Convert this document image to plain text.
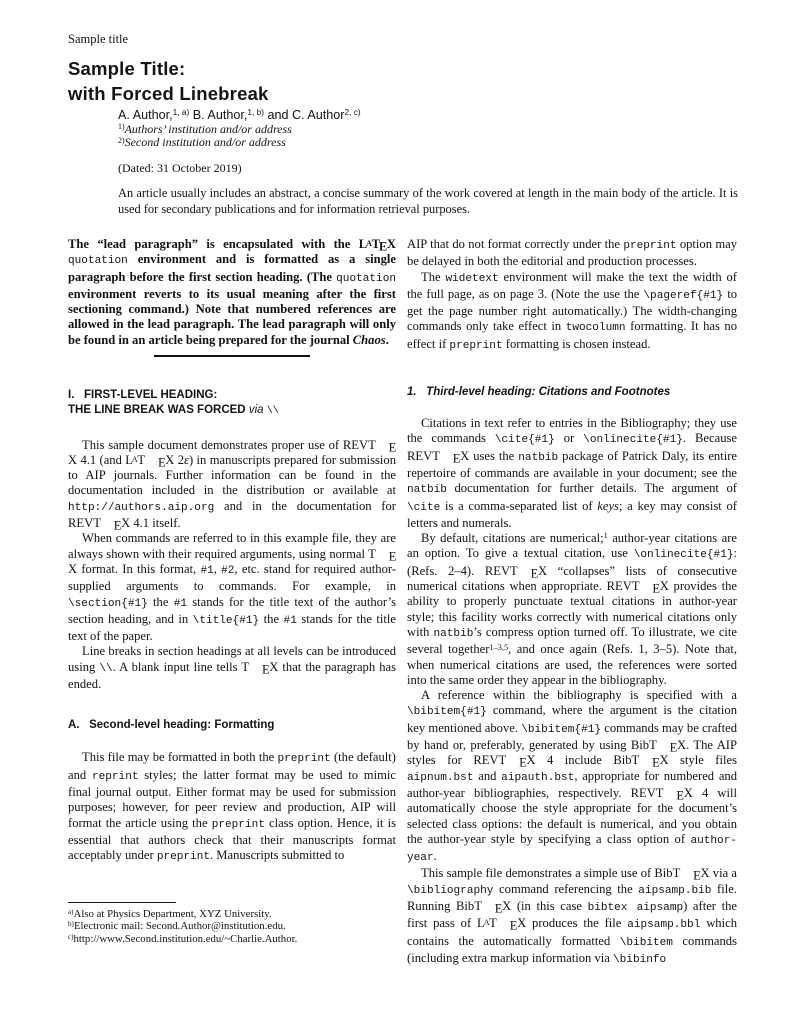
Sample title
Sample Title:
with Forced Linebreak
A. Author,$^{1, a)}$ B. Author,$^{1, b)}$ and C. Author$^{2, c)}$
$^{1)}$Authors’ institution and/or address
$^{2)}$Second institution and/or address
(Dated: 31 October 2019)
An article usually includes an abstract, a concise summary of the work covered at length in the main body of the article. It is used for secondary publications and for information retrieval purposes.

The “lead paragraph” is encapsulated with the LATEX quotation environment and is formatted as a single paragraph before the first section heading. (The quotation environment reverts to its usual meaning after the first sectioning command.) Note that numbered references are allowed in the lead paragraph. The lead paragraph will only be found in an article being prepared for the journal Chaos.

I.   FIRST-LEVEL HEADING:
THE LINE BREAK WAS FORCED via \\

This sample document demonstrates proper use of REVT EX 4.1 (and LAT EX 2ε) in manuscripts prepared for submission to AIP journals. Further information can be found in the documentation included in the distribution or available at http://authors.aip.org and in the documentation for REVT EX 4.1 itself.

When commands are referred to in this example file, they are always shown with their required arguments, using normal T EX format. In this format, #1, #2, etc. stand for required author-supplied arguments to commands. For example, in \section{#1} the #1 stands for the title text of the author’s section heading, and in \title{#1} the #1 stands for the title text of the paper.

Line breaks in section headings at all levels can be introduced using \\. A blank input line tells T EX that the paragraph has ended.

A.   Second-level heading: Formatting

This file may be formatted in both the preprint (the default) and reprint styles; the latter format may be used to mimic final journal output. Either format may be used for submission purposes; however, for peer review and production, AIP will format the article using the preprint class option. Hence, it is essential that authors check that their manuscripts format acceptably under preprint. Manuscripts submitted to

$^{a)}$Also at Physics Department, XYZ University.
$^{b)}$Electronic mail: Second.Author@institution.edu.
$^{c)}$http://www.Second.institution.edu/~Charlie.Author.

AIP that do not format correctly under the preprint option may be delayed in both the editorial and production processes.

The widetext environment will make the text the width of the full page, as on page 3. (Note the use the \pageref{#1} to get the page number right automatically.) The width-changing commands only take effect in twocolumn formatting. It has no effect if preprint formatting is chosen instead.

1.   Third-level heading: Citations and Footnotes

Citations in text refer to entries in the Bibliography; they use the commands \cite{#1} or \onlinecite{#1}. Because REVT EX uses the natbib package of Patrick Daly, its entire repertoire of commands are available in your document; see the natbib documentation for further details. The argument of \cite is a comma-separated list of keys; a key may consist of letters and numerals.

By default, citations are numerical;$^1$ author-year citations are an option. To give a textual citation, use \onlinecite{#1}: (Refs. 2–4). REVT EX “collapses” lists of consecutive numerical citations when appropriate. REVT EX provides the ability to properly punctuate textual citations in author-year style; this facility works correctly with numerical citations only with natbib’s compress option turned off. To illustrate, we cite several together$^{1-3,5}$, and once again (Refs. 1, 3–5). Note that, when numerical citations are used, the references were sorted into the same order they appear in the bibliography.

A reference within the bibliography is specified with a \bibitem{#1} command, where the argument is the citation key mentioned above. \bibitem{#1} commands may be crafted by hand or, preferably, generated by using BibT EX. The AIP styles for REVT EX 4 include BibT EX style files aipnum.bst and aipauth.bst, appropriate for numbered and author-year bibliographies, respectively. REVT EX 4 will automatically choose the style appropriate for the document’s selected class options: the default is numerical, and you obtain the author-year style by specifying a class option of author-year.

This sample file demonstrates a simple use of BibT EX via a \bibliography command referencing the aipsamp.bib file. Running BibT EX (in this case bibtex aipsamp) after the first pass of LAT EX produces the file aipsamp.bbl which contains the automatically formatted \bibitem commands (including extra markup information via \bibinfo
